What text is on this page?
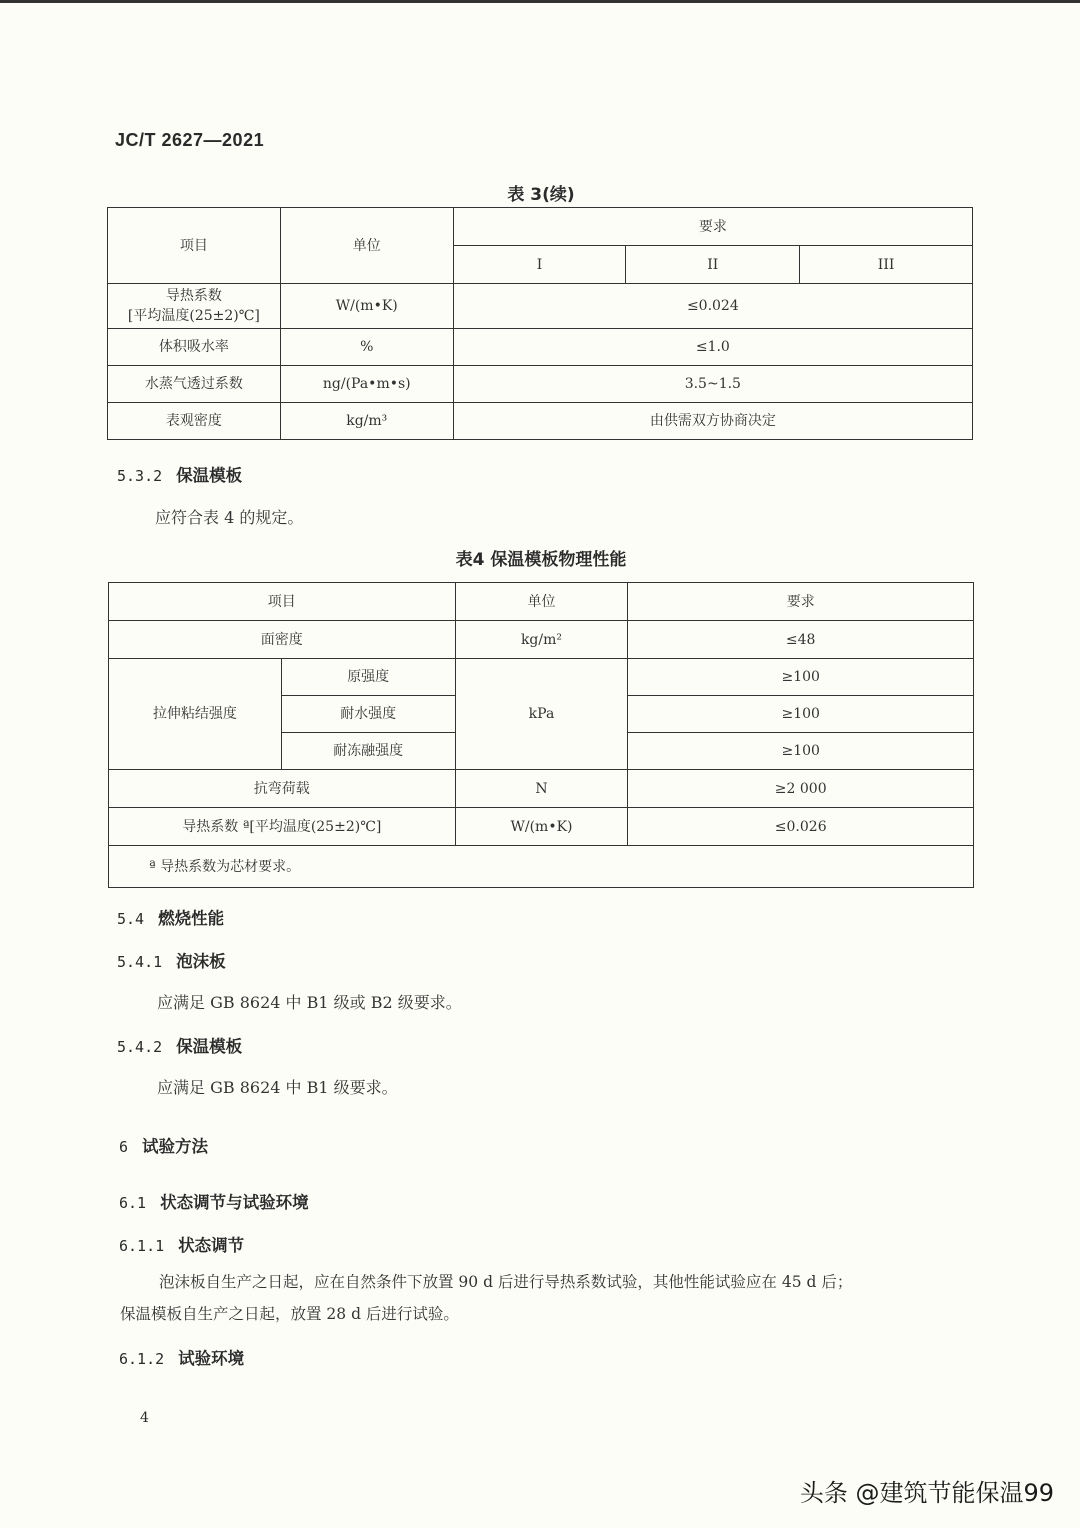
JC/T 2627—2021
表 3(续)
项目	单位	要求		
		I	II	III

导热系数
[平均温度(25±2)℃]	W/(m•K)	≤0.024		
体积吸水率	%	≤1.0		
水蒸气透过系数	ng/(Pa•m•s)	3.5~1.5		
表观密度	kg/m³	由供需双方协商决定		
5.3.2 保温模板
应符合表 4 的规定。
表4 保温模板物理性能
项目		单位	要求
面密度		kg/m²	≤48
拉伸粘结强度	原强度	kPa	≥100
	耐水强度		≥100
	耐冻融强度		≥100
抗弯荷载		N	≥2 000
导热系数 ª[平均温度(25±2)℃]		W/(m•K)	≤0.026
ª 导热系数为芯材要求。			
5.4 燃烧性能
5.4.1 泡沫板
应满足 GB 8624 中 B1 级或 B2 级要求。
5.4.2 保温模板
应满足 GB 8624 中 B1 级要求。
6 试验方法
6.1 状态调节与试验环境
6.1.1 状态调节
泡沫板自生产之日起，应在自然条件下放置 90 d 后进行导热系数试验，其他性能试验应在 45 d 后；
保温模板自生产之日起，放置 28 d 后进行试验。
6.1.2 试验环境
4
头条 @建筑节能保温99
